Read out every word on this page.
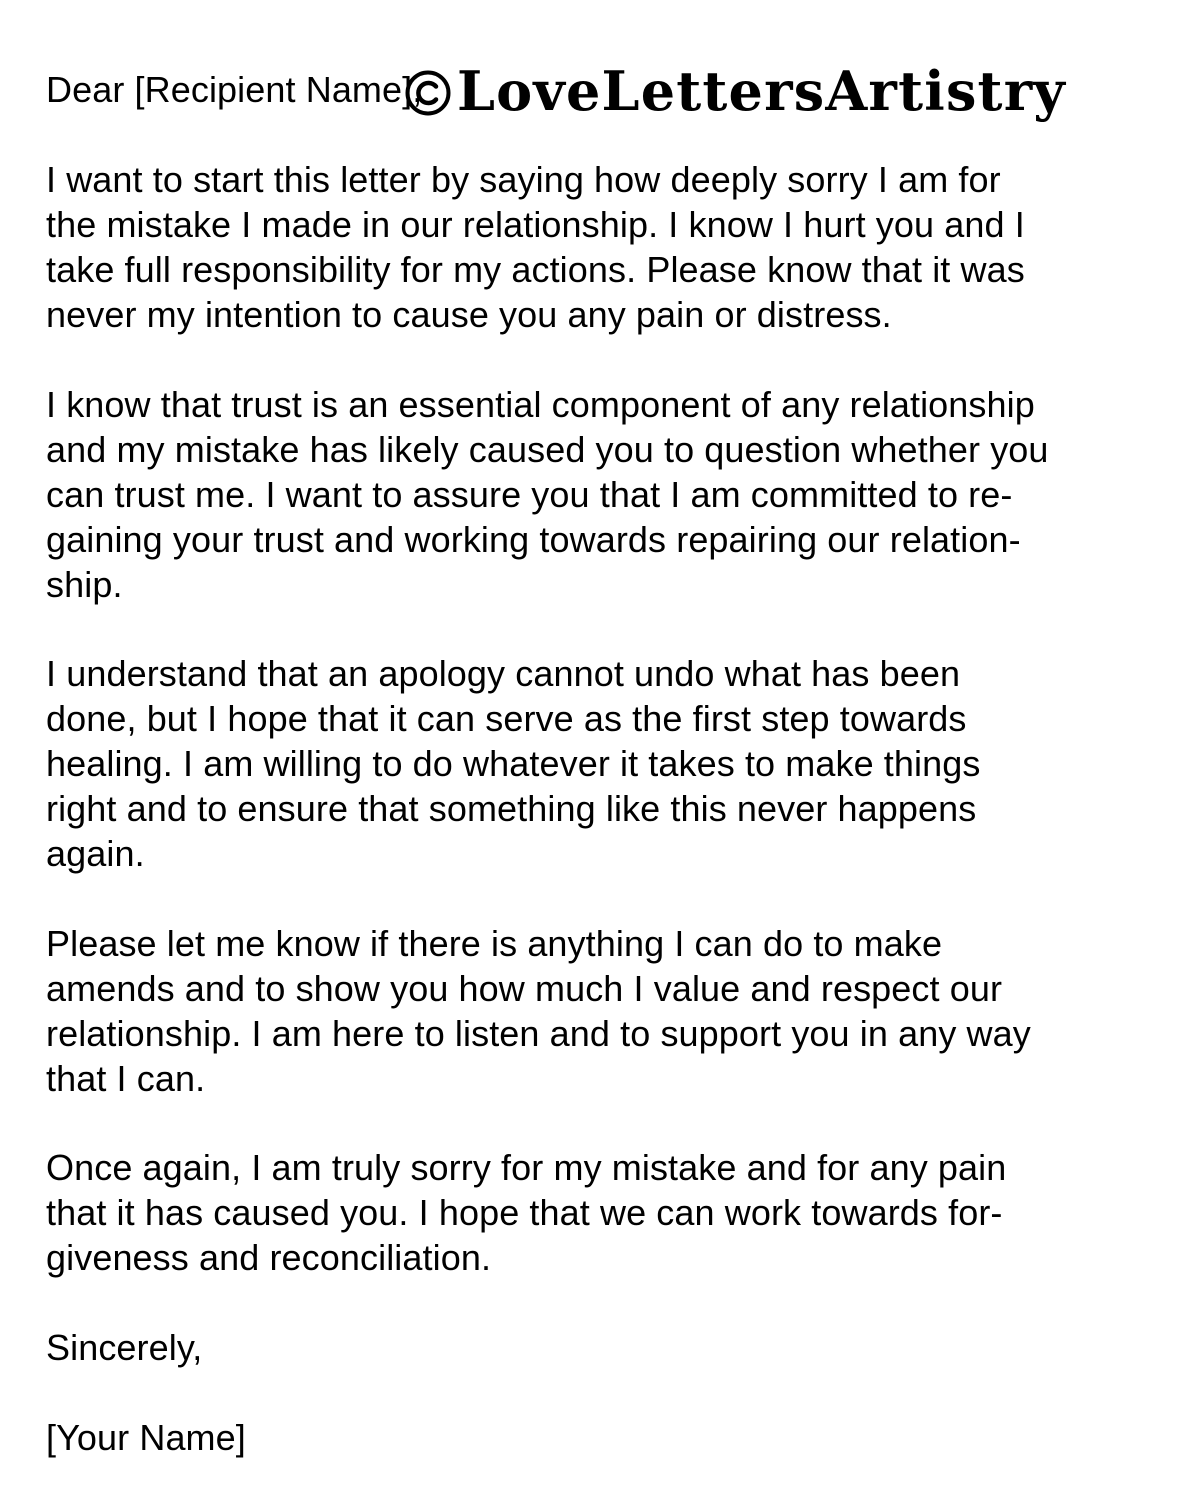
Dear [Recipient Name], LoveLettersArtistry

I want to start this letter by saying how deeply sorry I am for
the mistake I made in our relationship. I know I hurt you and I
take full responsibility for my actions. Please know that it was
never my intention to cause you any pain or distress.

I know that trust is an essential component of any relationship
and my mistake has likely caused you to question whether you
can trust me. I want to assure you that I am committed to re-
gaining your trust and working towards repairing our relation-
ship.

I understand that an apology cannot undo what has been
done, but I hope that it can serve as the first step towards
healing. I am willing to do whatever it takes to make things
right and to ensure that something like this never happens
again.

Please let me know if there is anything I can do to make
amends and to show you how much I value and respect our
relationship. I am here to listen and to support you in any way
that I can.

Once again, I am truly sorry for my mistake and for any pain
that it has caused you. I hope that we can work towards for-
giveness and reconciliation.

Sincerely,

[Your Name]
